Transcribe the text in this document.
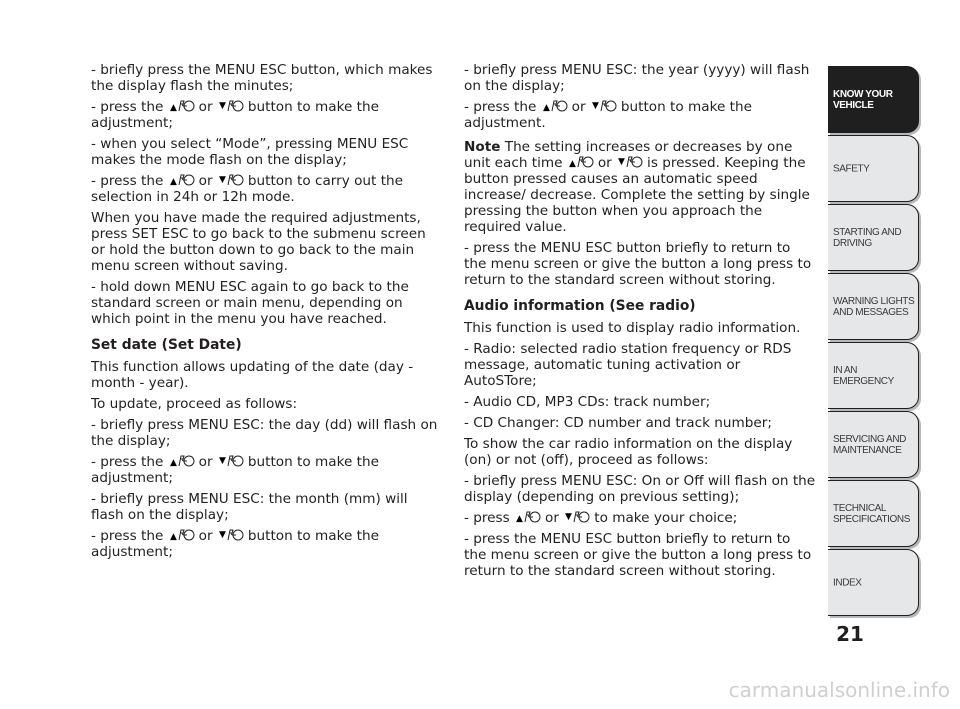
- briefly press the MENU ESC button, which makes the display flash the minutes;

- press the ▲ or ▼ button to make the adjustment;

- when you select “Mode”, pressing MENU ESC makes the mode flash on the display;

- press the ▲ or ▼ button to carry out the selection in 24h or 12h mode.

When you have made the required adjustments, press SET ESC to go back to the submenu screen or hold the button down to go back to the main menu screen without saving.

- hold down MENU ESC again to go back to the standard screen or main menu, depending on which point in the menu you have reached.

Set date (Set Date)

This function allows updating of the date (day - month - year).

To update, proceed as follows:

- briefly press MENU ESC: the day (dd) will flash on the display;

- press the ▲ or ▼ button to make the adjustment;

- briefly press MENU ESC: the month (mm) will flash on the display;

- press the ▲ or ▼ button to make the adjustment;

- briefly press MENU ESC: the year (yyyy) will flash on the display;

- press the ▲ or ▼ button to make the adjustment.

Note The setting increases or decreases by one unit each time ▲ or ▼ is pressed. Keeping the button pressed causes an automatic speed increase/ decrease. Complete the setting by single pressing the button when you approach the required value.

- press the MENU ESC button briefly to return to the menu screen or give the button a long press to return to the standard screen without storing.

Audio information (See radio)

This function is used to display radio information.

- Radio: selected radio station frequency or RDS message, automatic tuning activation or AutoSTore;

- Audio CD, MP3 CDs: track number;

- CD Changer: CD number and track number;

To show the car radio information on the display (on) or not (off), proceed as follows:

- briefly press MENU ESC: On or Off will flash on the display (depending on previous setting);

- press ▲ or ▼ to make your choice;

- press the MENU ESC button briefly to return to the menu screen or give the button a long press to return to the standard screen without storing.

KNOW YOUR VEHICLE
SAFETY
STARTING AND DRIVING
WARNING LIGHTS AND MESSAGES
IN AN EMERGENCY
SERVICING AND MAINTENANCE
TECHNICAL SPECIFICATIONS
INDEX
21
carmanualsonline.info
